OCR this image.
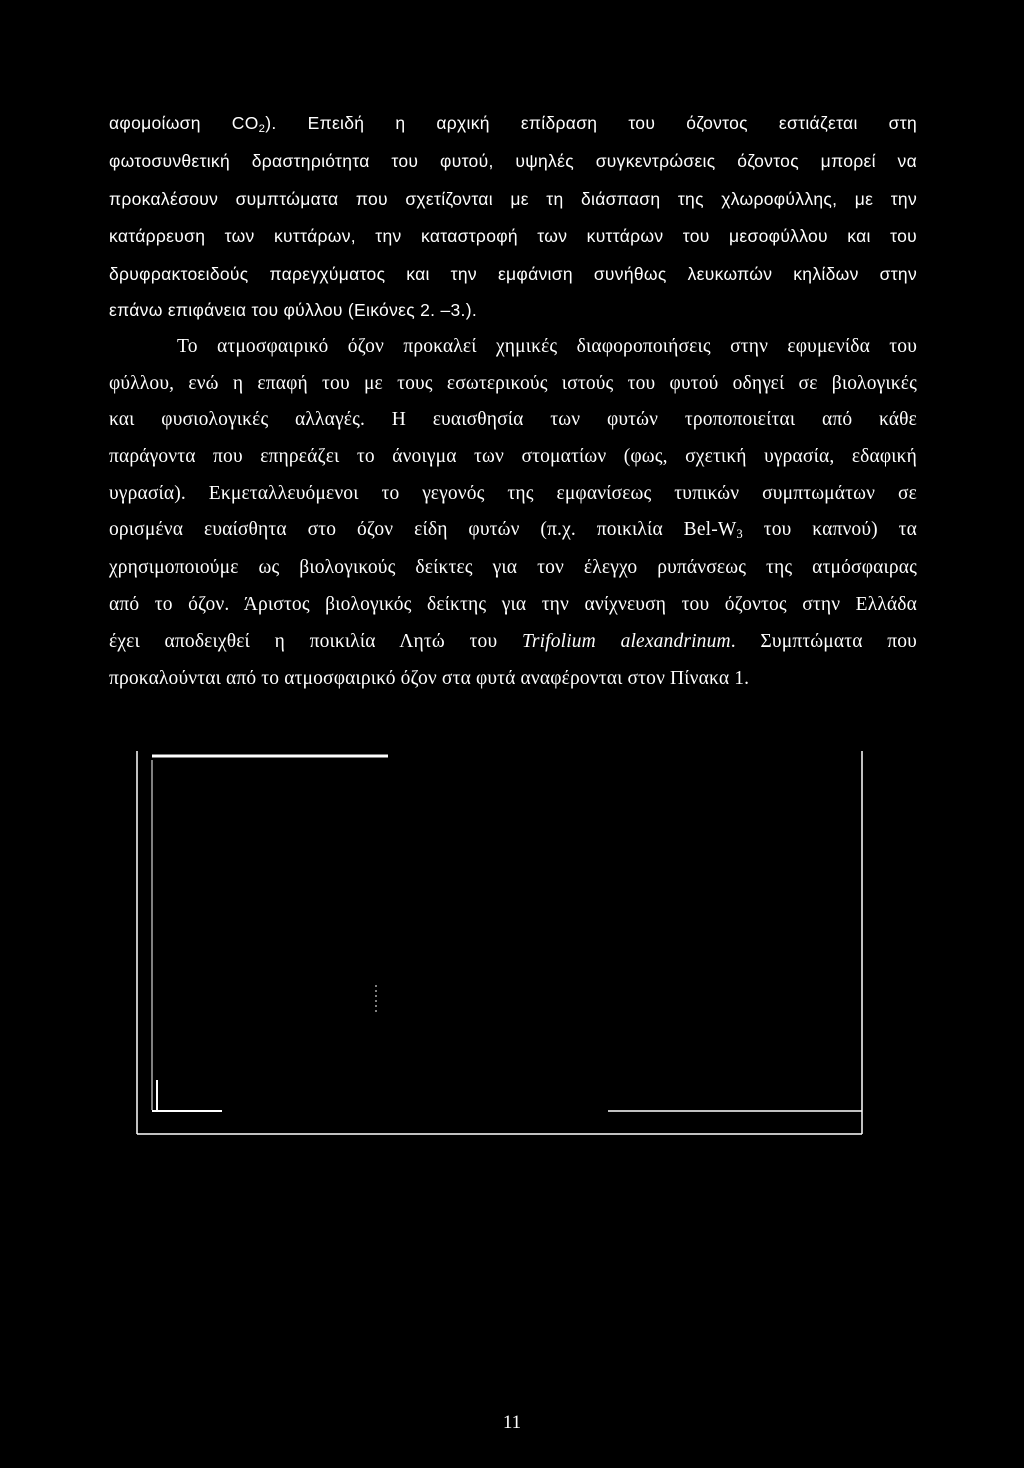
αφομοίωση $CO_2$). Επειδή η αρχική επίδραση του όζοντος εστιάζεται στη
φωτοσυνθετική δραστηριότητα του φυτού, υψηλές συγκεντρώσεις όζοντος μπορεί να
προκαλέσουν συμπτώματα που σχετίζονται με τη διάσπαση της χλωροφύλλης, με την
κατάρρευση των κυττάρων, την καταστροφή των κυττάρων του μεσοφύλλου και του
δρυφρακτοειδούς παρεγχύματος και την εμφάνιση συνήθως λευκωπών κηλίδων στην
επάνω επιφάνεια του φύλλου (Εικόνες 2. –3.).
Το ατμοσφαιρικό όζον προκαλεί χημικές διαφοροποιήσεις στην εφυμενίδα του
φύλλου, ενώ η επαφή του με τους εσωτερικούς ιστούς του φυτού οδηγεί σε βιολογικές
και φυσιολογικές αλλαγές. Η ευαισθησία των φυτών τροποποιείται από κάθε
παράγοντα που επηρεάζει το άνοιγμα των στοματίων (φως, σχετική υγρασία, εδαφική
υγρασία). Εκμεταλλευόμενοι το γεγονός της εμφανίσεως τυπικών συμπτωμάτων σε
ορισμένα ευαίσθητα στο όζον είδη φυτών (π.χ. ποικιλία Bel-$W_3$ του καπνού) τα
χρησιμοποιούμε ως βιολογικούς δείκτες για τον έλεγχο ρυπάνσεως της ατμόσφαιρας
από το όζον. Άριστος βιολογικός δείκτης για την ανίχνευση του όζοντος στην Ελλάδα
έχει αποδειχθεί η ποικιλία Λητώ του Trifolium alexandrinum. Συμπτώματα που
προκαλούνται από το ατμοσφαιρικό όζον στα φυτά αναφέρονται στον Πίνακα 1.
11
